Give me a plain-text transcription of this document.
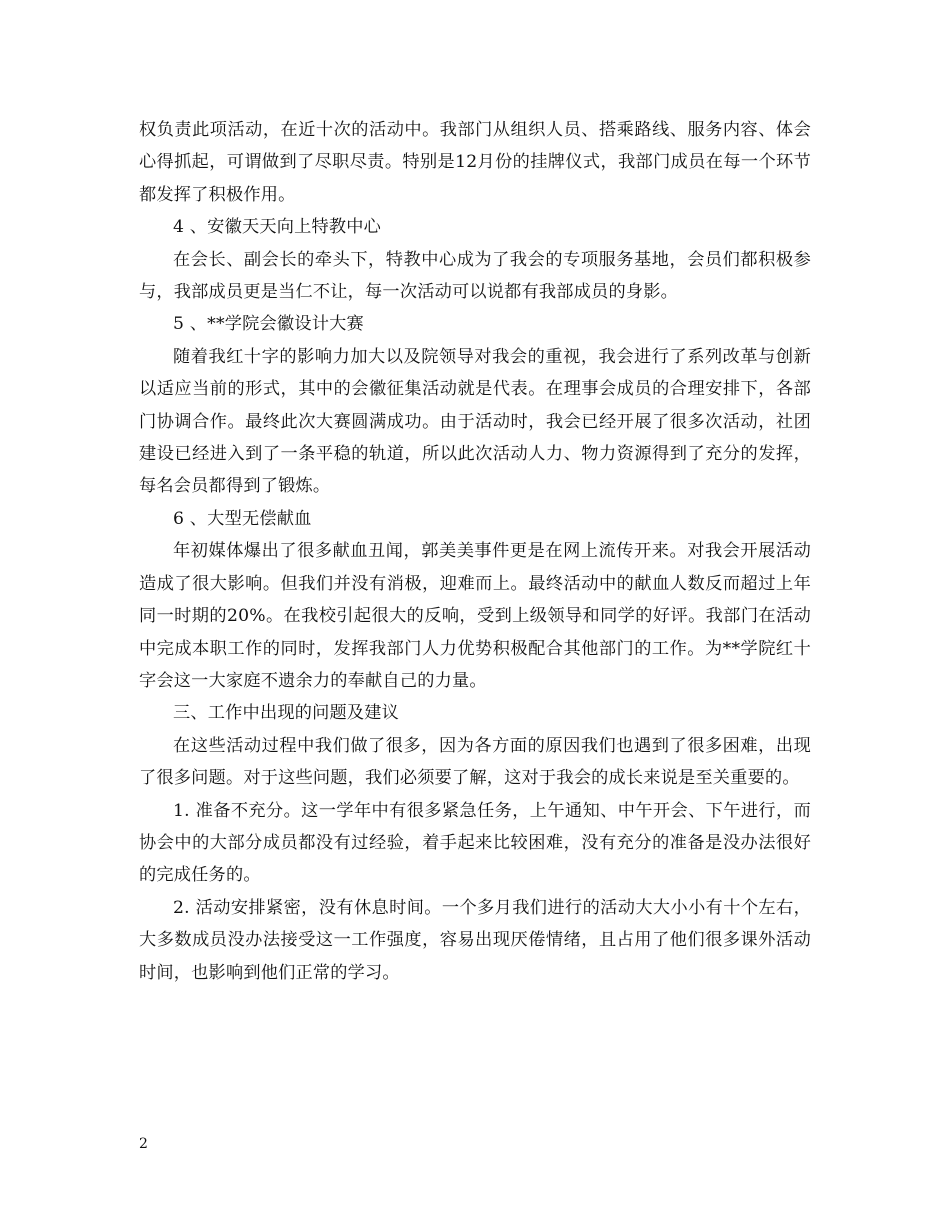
权负责此项活动，在近十次的活动中。我部门从组织人员、搭乘路线、服务内容、体会心得抓起，可谓做到了尽职尽责。特别是12月份的挂牌仪式，我部门成员在每一个环节都发挥了积极作用。

4 、安徽天天向上特教中心

在会长、副会长的牵头下，特教中心成为了我会的专项服务基地，会员们都积极参与，我部成员更是当仁不让，每一次活动可以说都有我部成员的身影。

5 、**学院会徽设计大赛

随着我红十字的影响力加大以及院领导对我会的重视，我会进行了系列改革与创新以适应当前的形式，其中的会徽征集活动就是代表。在理事会成员的合理安排下，各部门协调合作。最终此次大赛圆满成功。由于活动时，我会已经开展了很多次活动，社团建设已经进入到了一条平稳的轨道，所以此次活动人力、物力资源得到了充分的发挥，每名会员都得到了锻炼。

6 、大型无偿献血

年初媒体爆出了很多献血丑闻，郭美美事件更是在网上流传开来。对我会开展活动造成了很大影响。但我们并没有消极，迎难而上。最终活动中的献血人数反而超过上年同一时期的20%。在我校引起很大的反响，受到上级领导和同学的好评。我部门在活动中完成本职工作的同时，发挥我部门人力优势积极配合其他部门的工作。为**学院红十字会这一大家庭不遗余力的奉献自己的力量。

三、工作中出现的问题及建议

在这些活动过程中我们做了很多，因为各方面的原因我们也遇到了很多困难，出现了很多问题。对于这些问题，我们必须要了解，这对于我会的成长来说是至关重要的。

1. 准备不充分。这一学年中有很多紧急任务，上午通知、中午开会、下午进行，而协会中的大部分成员都没有过经验，着手起来比较困难，没有充分的准备是没办法很好的完成任务的。

2. 活动安排紧密，没有休息时间。一个多月我们进行的活动大大小小有十个左右，大多数成员没办法接受这一工作强度，容易出现厌倦情绪，且占用了他们很多课外活动时间，也影响到他们正常的学习。

2
